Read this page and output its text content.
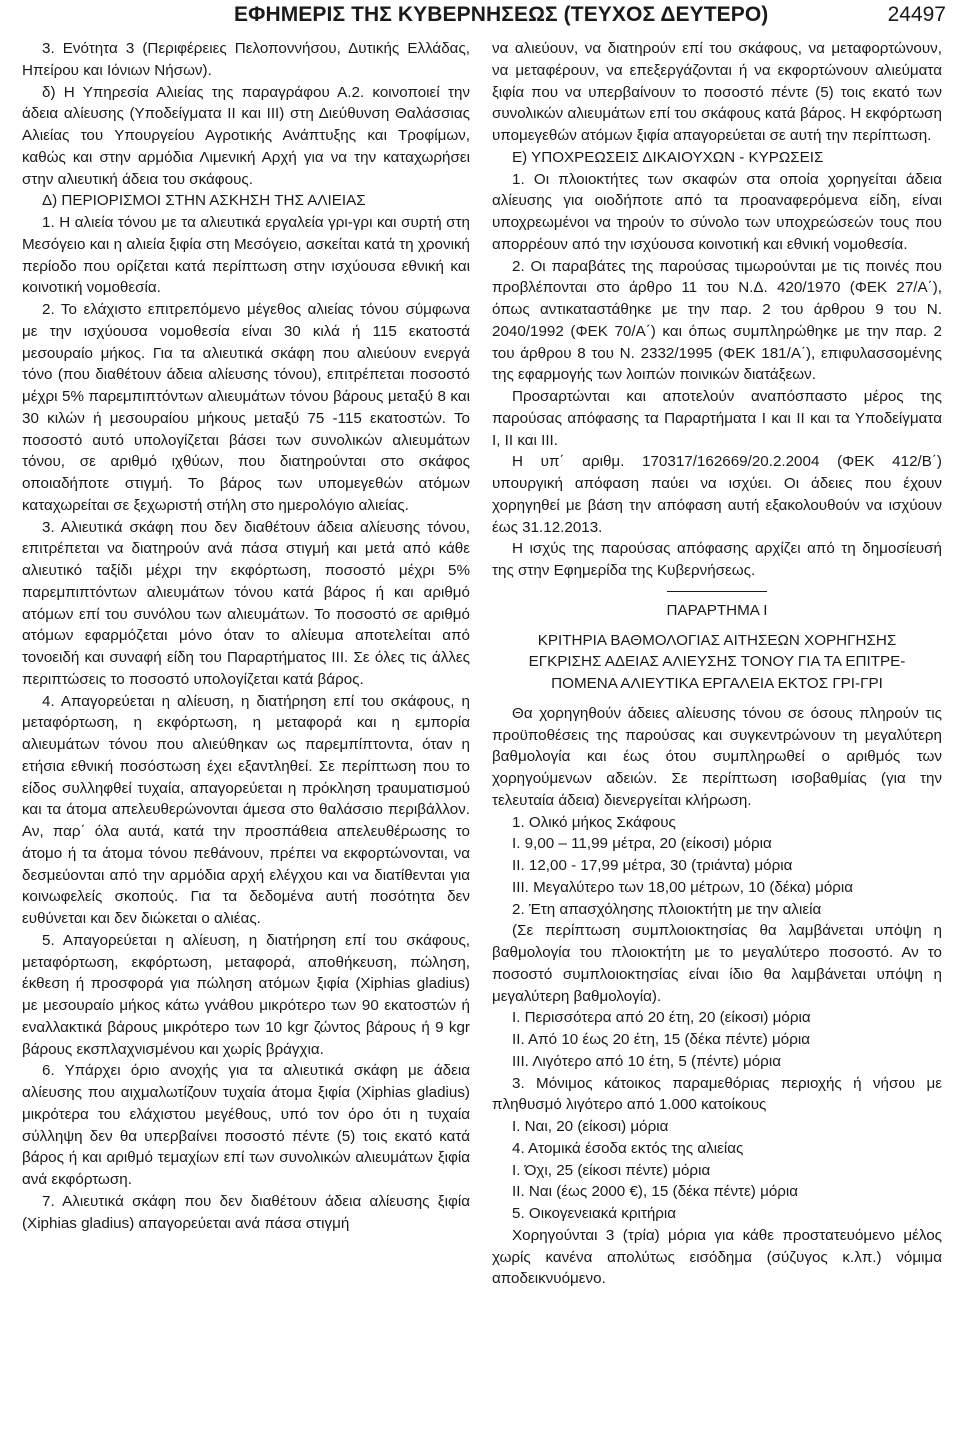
ΕΦΗΜΕΡΙΣ ΤΗΣ ΚΥΒΕΡΝΗΣΕΩΣ (ΤΕΥΧΟΣ ΔΕΥΤΕΡΟ)	24497

3. Ενότητα 3 (Περιφέρειες Πελοποννήσου, Δυτικής Ελλάδας, Ηπείρου και Ιόνιων Νήσων).

δ) Η Υπηρεσία Αλιείας της παραγράφου Α.2. κοινοποιεί την άδεια αλίευσης (Υποδείγματα ΙΙ και ΙΙΙ) στη Διεύθυνση Θαλάσσιας Αλιείας του Υπουργείου Αγροτικής Ανάπτυξης και Τροφίμων, καθώς και στην αρμόδια Λιμενική Αρχή για να την καταχωρήσει στην αλιευτική άδεια του σκάφους.

Δ) ΠΕΡΙΟΡΙΣΜΟΙ ΣΤΗΝ ΑΣΚΗΣΗ ΤΗΣ ΑΛΙΕΙΑΣ

1. Η αλιεία τόνου με τα αλιευτικά εργαλεία γρι-γρι και συρτή στη Μεσόγειο και η αλιεία ξιφία στη Μεσόγειο, ασκείται κατά τη χρονική περίοδο που ορίζεται κατά περίπτωση στην ισχύουσα εθνική και κοινοτική νομοθεσία.

2. Το ελάχιστο επιτρεπόμενο μέγεθος αλιείας τόνου σύμφωνα με την ισχύουσα νομοθεσία είναι 30 κιλά ή 115 εκατοστά μεσουραίο μήκος. Για τα αλιευτικά σκάφη που αλιεύουν ενεργά τόνο (που διαθέτουν άδεια αλίευσης τόνου), επιτρέπεται ποσοστό μέχρι 5% παρεμπιπτόντων αλιευμάτων τόνου βάρους μεταξύ 8 και 30 κιλών ή μεσουραίου μήκους μεταξύ 75 -115 εκατοστών. Το ποσοστό αυτό υπολογίζεται βάσει των συνολικών αλιευμάτων τόνου, σε αριθμό ιχθύων, που διατηρούνται στο σκάφος οποιαδήποτε στιγμή. Το βάρος των υπομεγεθών ατόμων καταχωρείται σε ξεχωριστή στήλη στο ημερολόγιο αλιείας.

3. Αλιευτικά σκάφη που δεν διαθέτουν άδεια αλίευσης τόνου, επιτρέπεται να διατηρούν ανά πάσα στιγμή και μετά από κάθε αλιευτικό ταξίδι μέχρι την εκφόρτωση, ποσοστό μέχρι 5% παρεμπιπτόντων αλιευμάτων τόνου κατά βάρος ή και αριθμό ατόμων επί του συνόλου των αλιευμάτων. Το ποσοστό σε αριθμό ατόμων εφαρμόζεται μόνο όταν το αλίευμα αποτελείται από τονοειδή και συναφή είδη του Παραρτήματος ΙΙΙ. Σε όλες τις άλλες περιπτώσεις το ποσοστό υπολογίζεται κατά βάρος.

4. Απαγορεύεται η αλίευση, η διατήρηση επί του σκάφους, η μεταφόρτωση, η εκφόρτωση, η μεταφορά και η εμπορία αλιευμάτων τόνου που αλιεύθηκαν ως παρεμπίπτοντα, όταν η ετήσια εθνική ποσόστωση έχει εξαντληθεί. Σε περίπτωση που το είδος συλληφθεί τυχαία, απαγορεύεται η πρόκληση τραυματισμού και τα άτομα απελευθερώνονται άμεσα στο θαλάσσιο περιβάλλον. Αν, παρ΄ όλα αυτά, κατά την προσπάθεια απελευθέρωσης το άτομο ή τα άτομα τόνου πεθάνουν, πρέπει να εκφορτώνονται, να δεσμεύονται από την αρμόδια αρχή ελέγχου και να διατίθενται για κοινωφελείς σκοπούς. Για τα δεδομένα αυτή ποσότητα δεν ευθύνεται και δεν διώκεται ο αλιέας.

5. Απαγορεύεται η αλίευση, η διατήρηση επί του σκάφους, μεταφόρτωση, εκφόρτωση, μεταφορά, αποθήκευση, πώληση, έκθεση ή προσφορά για πώληση ατόμων ξιφία (Xiphias gladius) με μεσουραίο μήκος κάτω γνάθου μικρότερο των 90 εκατοστών ή εναλλακτικά βάρους μικρότερο των 10 kgr ζώντος βάρους ή 9 kgr βάρους εκσπλαχνισμένου και χωρίς βράγχια.

6. Υπάρχει όριο ανοχής για τα αλιευτικά σκάφη με άδεια αλίευσης που αιχμαλωτίζουν τυχαία άτομα ξιφία (Xiphias gladius) μικρότερα του ελάχιστου μεγέθους, υπό τον όρο ότι η τυχαία σύλληψη δεν θα υπερβαίνει ποσοστό πέντε (5) τοις εκατό κατά βάρος ή και αριθμό τεμαχίων επί των συνολικών αλιευμάτων ξιφία ανά εκφόρτωση.

7. Αλιευτικά σκάφη που δεν διαθέτουν άδεια αλίευσης ξιφία (Xiphias gladius) απαγορεύεται ανά πάσα στιγμή

να αλιεύουν, να διατηρούν επί του σκάφους, να μεταφορτώνουν, να μεταφέρουν, να επεξεργάζονται ή να εκφορτώνουν αλιεύματα ξιφία που να υπερβαίνουν το ποσοστό πέντε (5) τοις εκατό των συνολικών αλιευμάτων επί του σκάφους κατά βάρος. Η εκφόρτωση υπομεγεθών ατόμων ξιφία απαγορεύεται σε αυτή την περίπτωση.

Ε) ΥΠΟΧΡΕΩΣΕΙΣ ΔΙΚΑΙΟΥΧΩΝ - ΚΥΡΩΣΕΙΣ

1. Οι πλοιοκτήτες των σκαφών στα οποία χορηγείται άδεια αλίευσης για οιοδήποτε από τα προαναφερόμενα είδη, είναι υποχρεωμένοι να τηρούν το σύνολο των υποχρεώσεών τους που απορρέουν από την ισχύουσα κοινοτική και εθνική νομοθεσία.

2. Οι παραβάτες της παρούσας τιμωρούνται με τις ποινές που προβλέπονται στο άρθρο 11 του Ν.Δ. 420/1970 (ΦΕΚ 27/Α΄), όπως αντικαταστάθηκε με την παρ. 2 του άρθρου 9 του Ν. 2040/1992 (ΦΕΚ 70/Α΄) και όπως συμπληρώθηκε με την παρ. 2 του άρθρου 8 του Ν. 2332/1995 (ΦΕΚ 181/Α΄), επιφυλασσομένης της εφαρμογής των λοιπών ποινικών διατάξεων.

Προσαρτώνται και αποτελούν αναπόσπαστο μέρος της παρούσας απόφασης τα Παραρτήματα Ι και ΙΙ και τα Υποδείγματα Ι, ΙΙ και ΙΙΙ.

Η υπ΄ αριθμ. 170317/162669/20.2.2004 (ΦΕΚ 412/Β΄) υπουργική απόφαση παύει να ισχύει. Οι άδειες που έχουν χορηγηθεί με βάση την απόφαση αυτή εξακολουθούν να ισχύουν έως 31.12.2013.

Η ισχύς της παρούσας απόφασης αρχίζει από τη δημοσίευσή της στην Εφημερίδα της Κυβερνήσεως.

ΠΑΡΑΡΤΗΜΑ Ι

ΚΡΙΤΗΡΙΑ ΒΑΘΜΟΛΟΓΙΑΣ ΑΙΤΗΣΕΩΝ ΧΟΡΗΓΗΣΗΣ

ΕΓΚΡΙΣΗΣ ΑΔΕΙΑΣ ΑΛΙΕΥΣΗΣ ΤΟΝΟΥ ΓΙΑ ΤΑ ΕΠΙΤΡΕ-

ΠΟΜΕΝΑ ΑΛΙΕΥΤΙΚΑ ΕΡΓΑΛΕΙΑ ΕΚΤΟΣ ΓΡΙ-ΓΡΙ

Θα χορηγηθούν άδειες αλίευσης τόνου σε όσους πληρούν τις προϋποθέσεις της παρούσας και συγκεντρώνουν τη μεγαλύτερη βαθμολογία και έως ότου συμπληρωθεί ο αριθμός των χορηγούμενων αδειών. Σε περίπτωση ισοβαθμίας (για την τελευταία άδεια) διενεργείται κλήρωση.

1. Ολικό μήκος Σκάφους

Ι. 9,00 – 11,99 μέτρα, 20 (είκοσι) μόρια

ΙΙ. 12,00 - 17,99 μέτρα, 30 (τριάντα) μόρια

ΙΙΙ. Μεγαλύτερο των 18,00 μέτρων, 10 (δέκα) μόρια

2. Έτη απασχόλησης πλοιοκτήτη με την αλιεία

(Σε περίπτωση συμπλοιοκτησίας θα λαμβάνεται υπόψη η βαθμολογία του πλοιοκτήτη με το μεγαλύτερο ποσοστό. Αν το ποσοστό συμπλοιοκτησίας είναι ίδιο θα λαμβάνεται υπόψη η μεγαλύτερη βαθμολογία).

Ι. Περισσότερα από 20 έτη, 20 (είκοσι) μόρια

ΙΙ. Από 10 έως 20 έτη, 15 (δέκα πέντε) μόρια

ΙΙΙ. Λιγότερο από 10 έτη, 5 (πέντε) μόρια

3. Μόνιμος κάτοικος παραμεθόριας περιοχής ή νήσου με πληθυσμό λιγότερο από 1.000 κατοίκους

Ι. Ναι, 20 (είκοσι) μόρια

4. Ατομικά έσοδα εκτός της αλιείας

Ι. Όχι, 25 (είκοσι πέντε) μόρια

ΙΙ. Ναι (έως 2000 €), 15 (δέκα πέντε) μόρια

5. Οικογενειακά κριτήρια

Χορηγούνται 3 (τρία) μόρια για κάθε προστατευόμενο μέλος χωρίς κανένα απολύτως εισόδημα (σύζυγος κ.λπ.) νόμιμα αποδεικνυόμενο.
